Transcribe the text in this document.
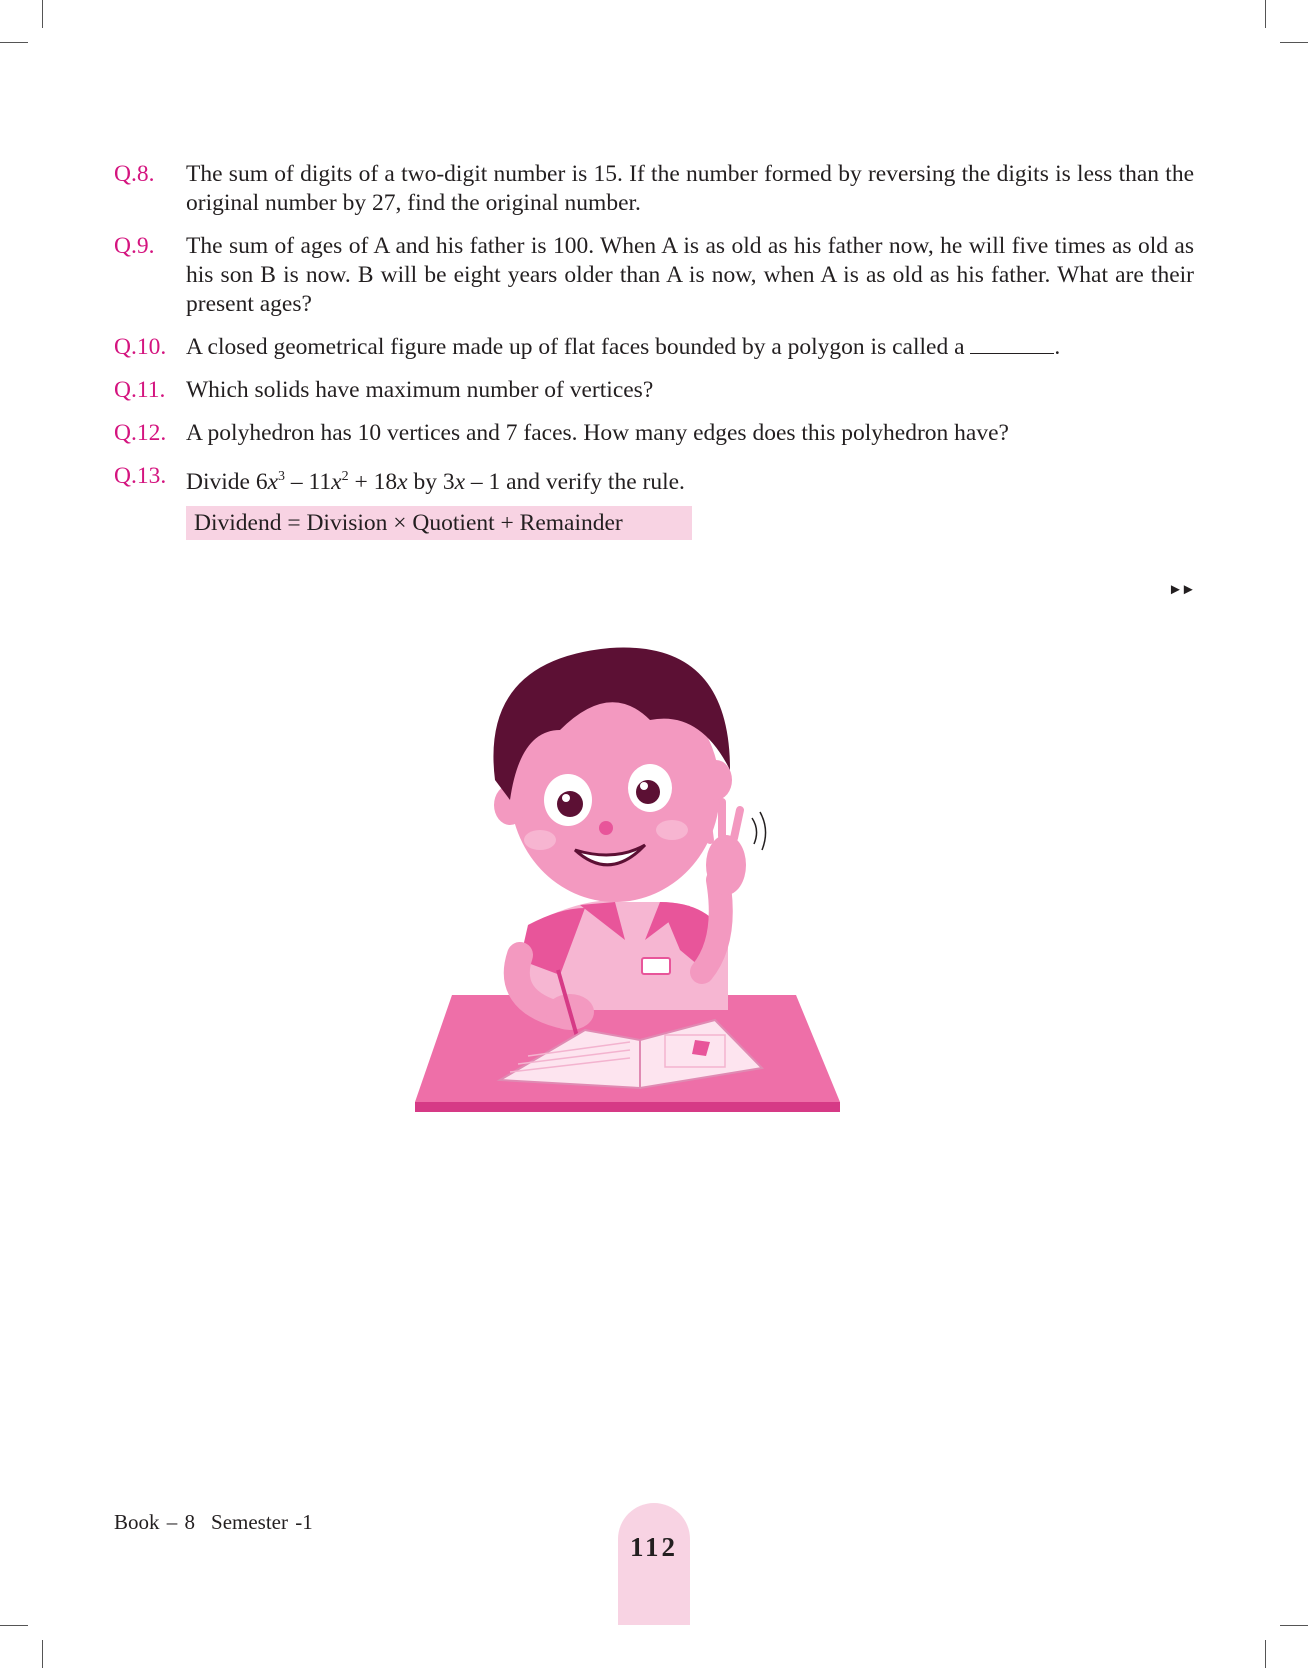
Q.8. The sum of digits of a two-digit number is 15. If the number formed by reversing the digits is less than the original number by 27, find the original number.
Q.9. The sum of ages of A and his father is 100. When A is as old as his father now, he will five times as old as his son B is now. B will be eight years older than A is now, when A is as old as his father. What are their present ages?
Q.10. A closed geometrical figure made up of flat faces bounded by a polygon is called a	.
Q.11. Which solids have maximum number of vertices?
Q.12. A polyhedron has 10 vertices and 7 faces. How many edges does this polyhedron have?
Q.13. Divide $6x^3 - 11x^2 + 18x$ by 3x – 1 and verify the rule.
Dividend = Division × Quotient + Remainder
►►
Book – 8 Semester -1
112
